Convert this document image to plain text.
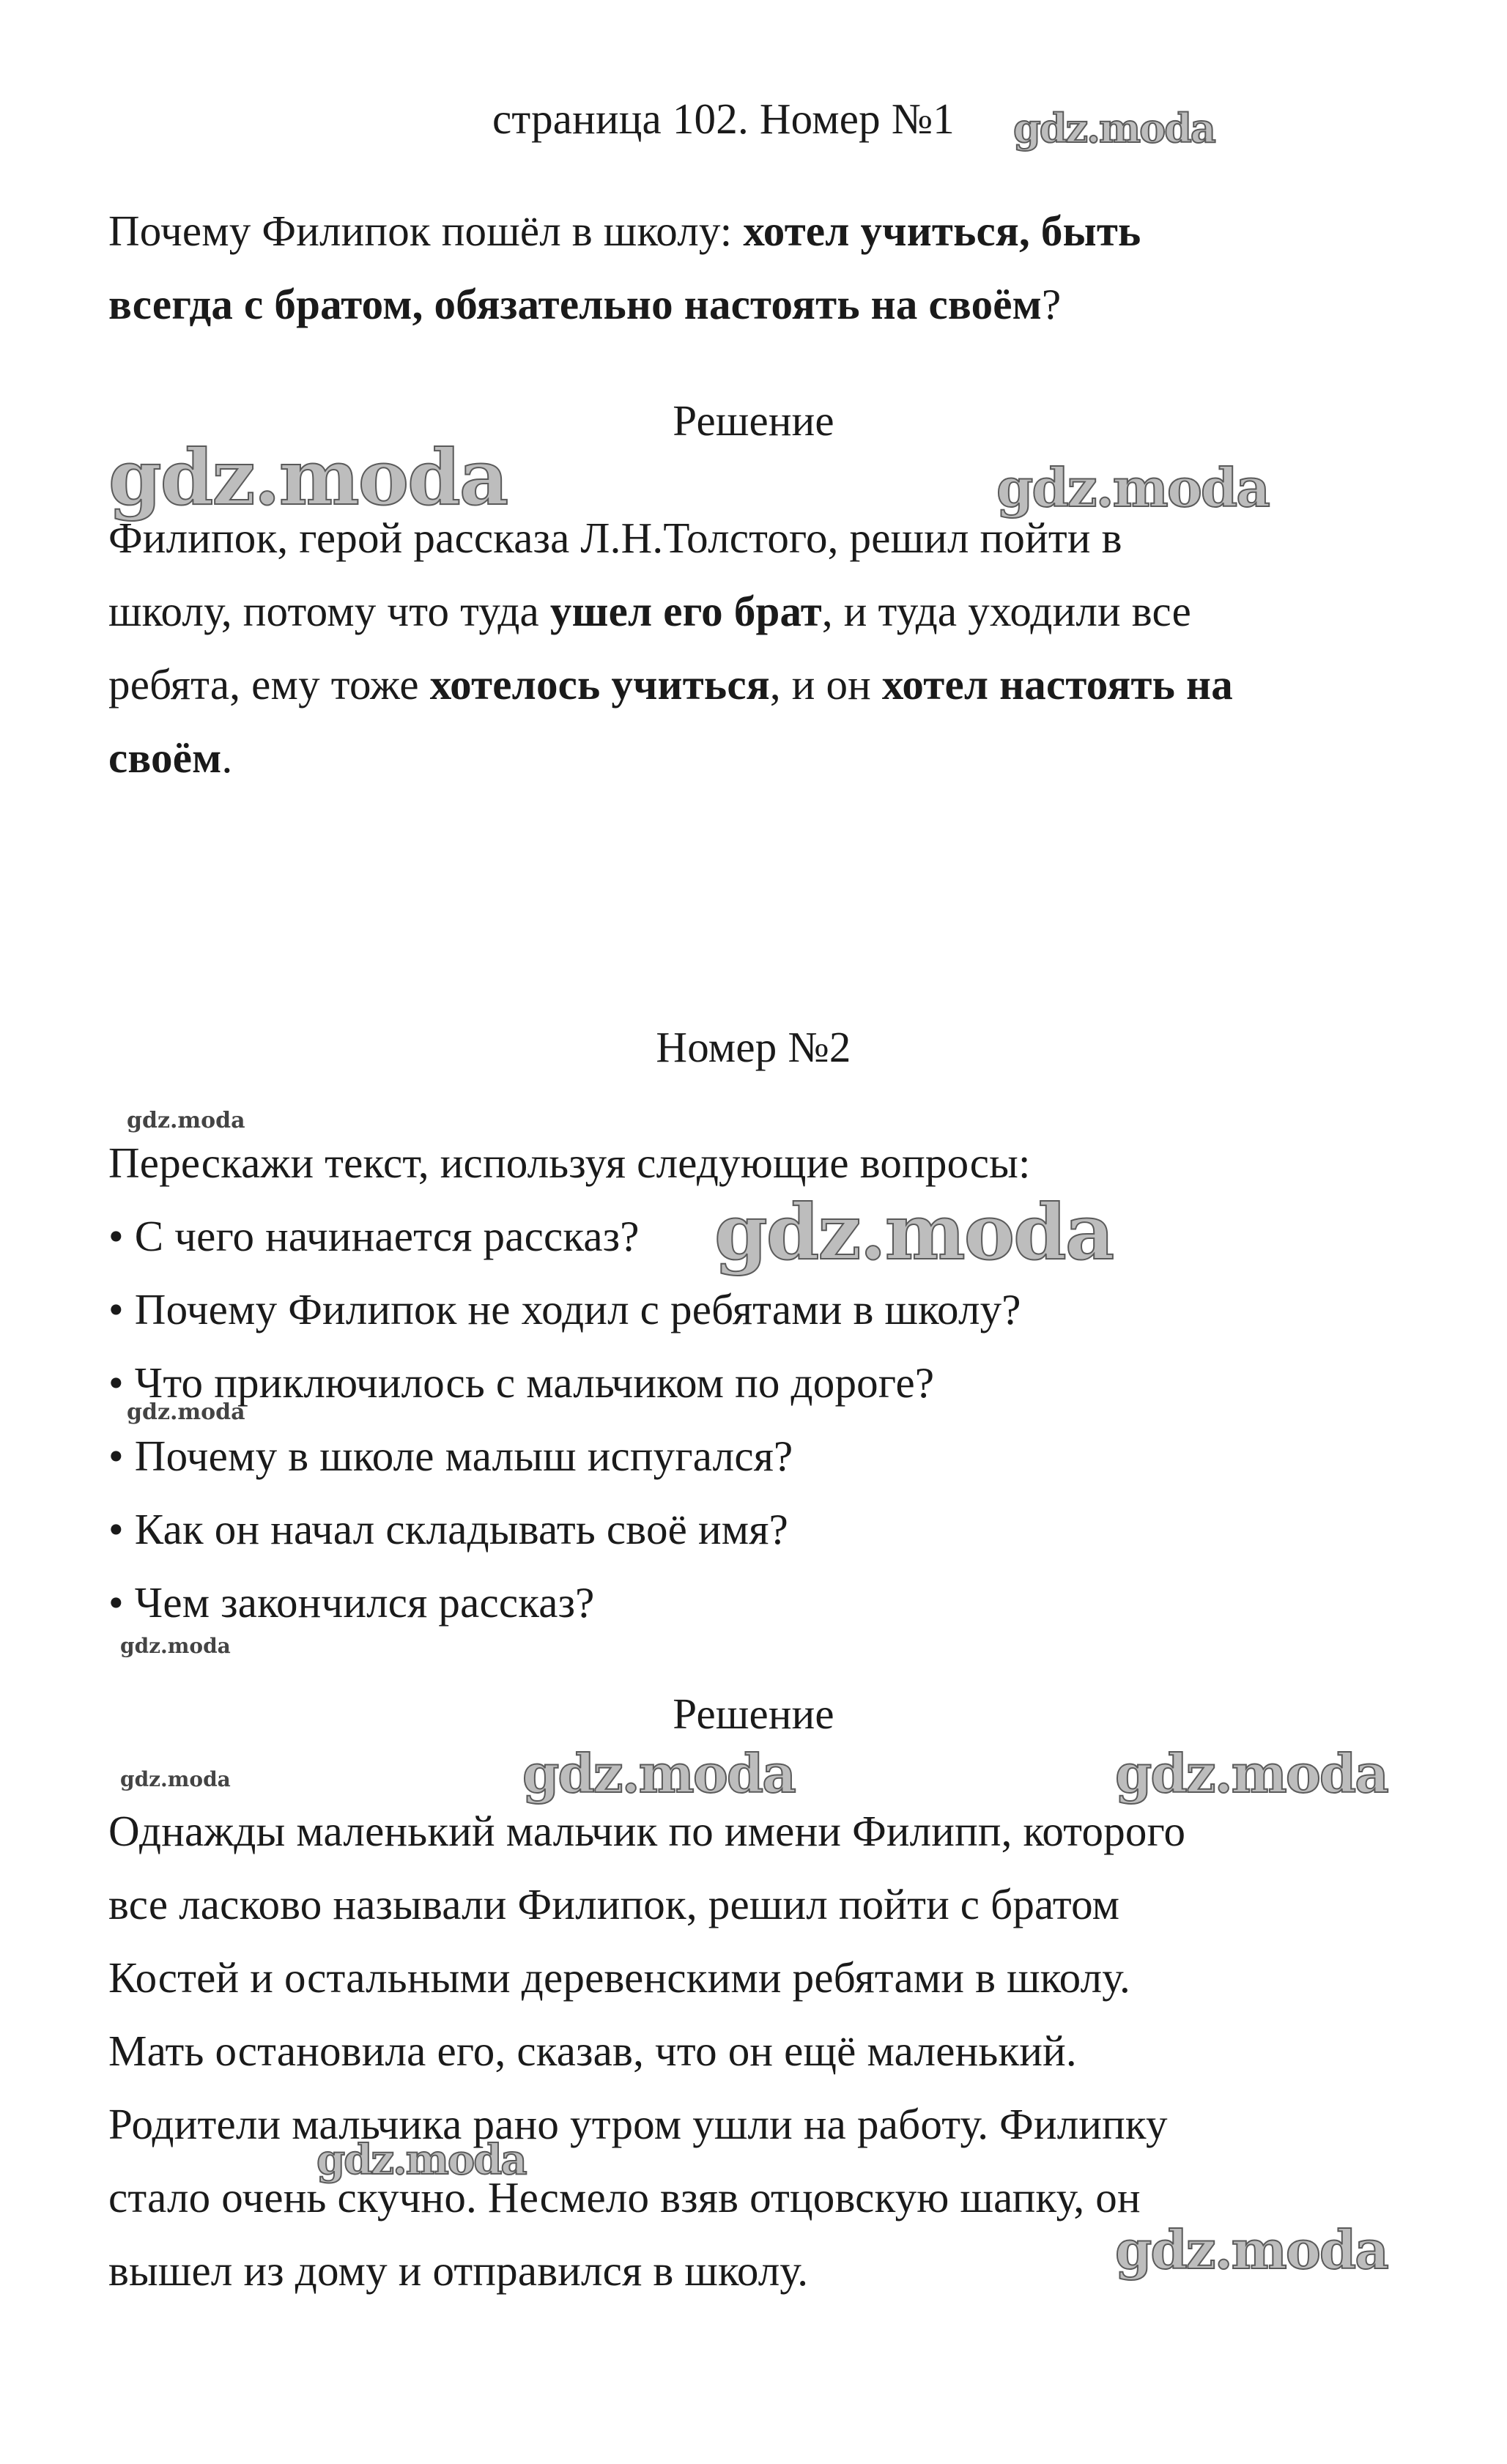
страница 102. Номер №1
Почему Филипок пошёл в школу: хотел учиться, быть
всегда с братом, обязательно настоять на своём?
Решение
Филипок, герой рассказа Л.Н.Толстого, решил пойти в
школу, потому что туда ушел его брат, и туда уходили все
ребята, ему тоже хотелось учиться, и он хотел настоять на
своём.
Номер №2
Перескажи текст, используя следующие вопросы:
• С чего начинается рассказ?
• Почему Филипок не ходил с ребятами в школу?
• Что приключилось с мальчиком по дороге?
• Почему в школе малыш испугался?
• Как он начал складывать своё имя?
• Чем закончился рассказ?
Решение
Однажды маленький мальчик по имени Филипп, которого
все ласково называли Филипок, решил пойти с братом
Костей и остальными деревенскими ребятами в школу.
Мать остановила его, сказав, что он ещё маленький.
Родители мальчика рано утром ушли на работу. Филипку
стало очень скучно. Несмело взяв отцовскую шапку, он
вышел из дому и отправился в школу.
gdz.moda
gdz.moda	gdz.moda
gdz.moda
gdz.moda
gdz.moda
gdz.moda
gdz.moda	gdz.moda	gdz.moda
gdz.moda
gdz.moda
